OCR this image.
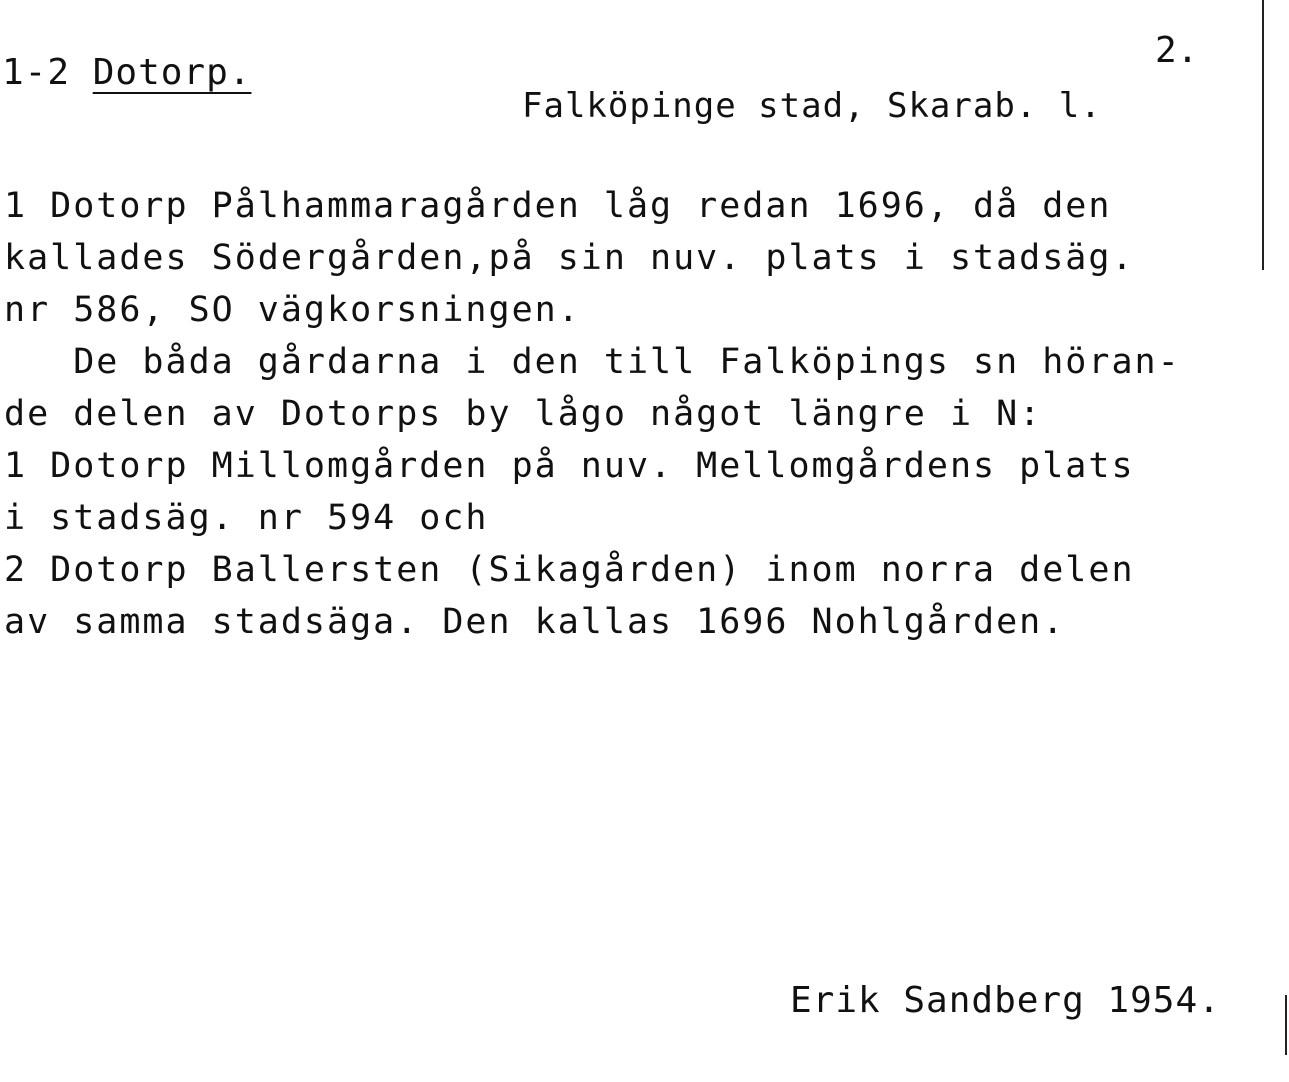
1-2 Dotorp.
2.
Falköpinge stad, Skarab. l.
1 Dotorp Pålhammaragården låg redan 1696, då den
kallades Södergården,på sin nuv. plats i stadsäg.
nr 586, SO vägkorsningen.
De båda gårdarna i den till Falköpings sn höran-
de delen av Dotorps by lågo något längre i N:
1 Dotorp Millomgården på nuv. Mellomgårdens plats
i stadsäg. nr 594 och
2 Dotorp Ballersten (Sikagården) inom norra delen
av samma stadsäga. Den kallas 1696 Nohlgården.
Erik Sandberg 1954.
